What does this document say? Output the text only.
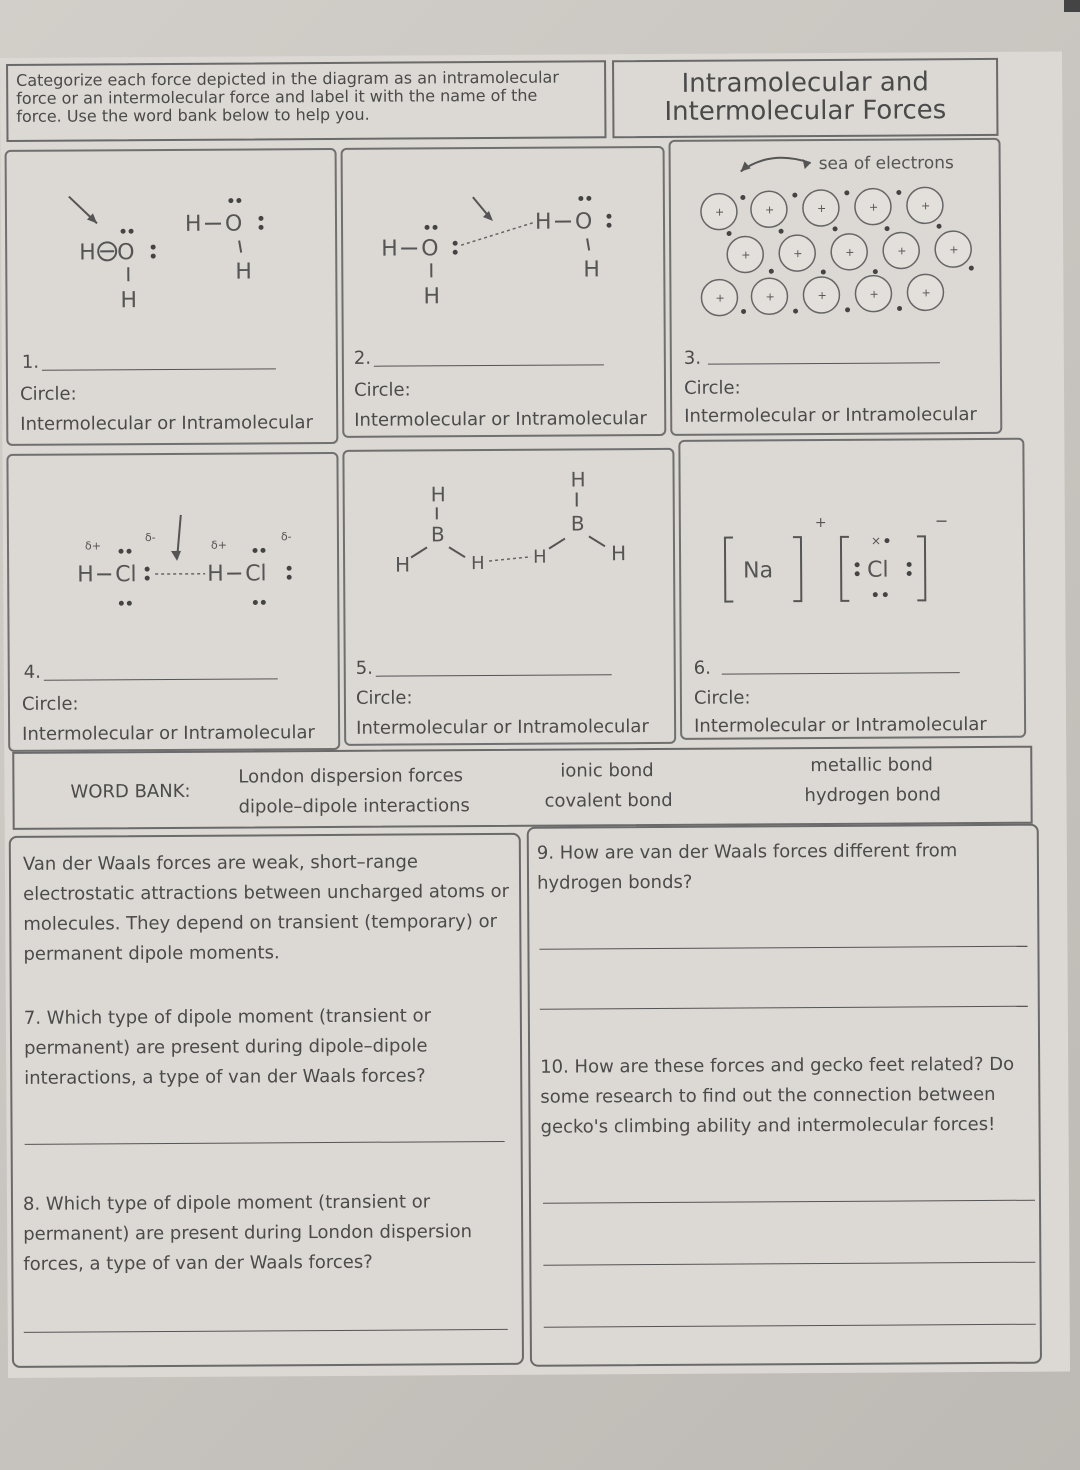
Categorize each force depicted in the diagram as an intramolecular
force or an intermolecular force and label it with the name of the
force. Use the word bank below to help you.
Intramolecular and
Intermolecular Forces
H O
H
H O
H
1.
Circle:
Intermolecular or Intramolecular
H O
H
H O
H
2.
Circle:
Intermolecular or Intramolecular
sea of electrons
+	+	+	+	+
+	+	+	+	+
+	+	+	+	+
3.
Circle:
Intermolecular or Intramolecular
δ+
δ-
δ+
δ-
H Cl	H Cl
4.
Circle:
Intermolecular or Intramolecular
H
B
H	H	H
H
B
H
5.
Circle:
Intermolecular or Intramolecular
Na
+
Cl
×
−
6.
Circle:
Intermolecular or Intramolecular
WORD BANK:
London dispersion forces
dipole–dipole interactions
ionic bond
covalent bond
metallic bond
hydrogen bond
Van der Waals forces are weak, short–range
electrostatic attractions between uncharged atoms or
molecules. They depend on transient (temporary) or
permanent dipole moments.
7. Which type of dipole moment (transient or
permanent) are present during dipole–dipole
interactions, a type of van der Waals forces?
8. Which type of dipole moment (transient or
permanent) are present during London dispersion
forces, a type of van der Waals forces?
9. How are van der Waals forces different from
hydrogen bonds?
10. How are these forces and gecko feet related? Do
some research to find out the connection between
gecko's climbing ability and intermolecular forces!
